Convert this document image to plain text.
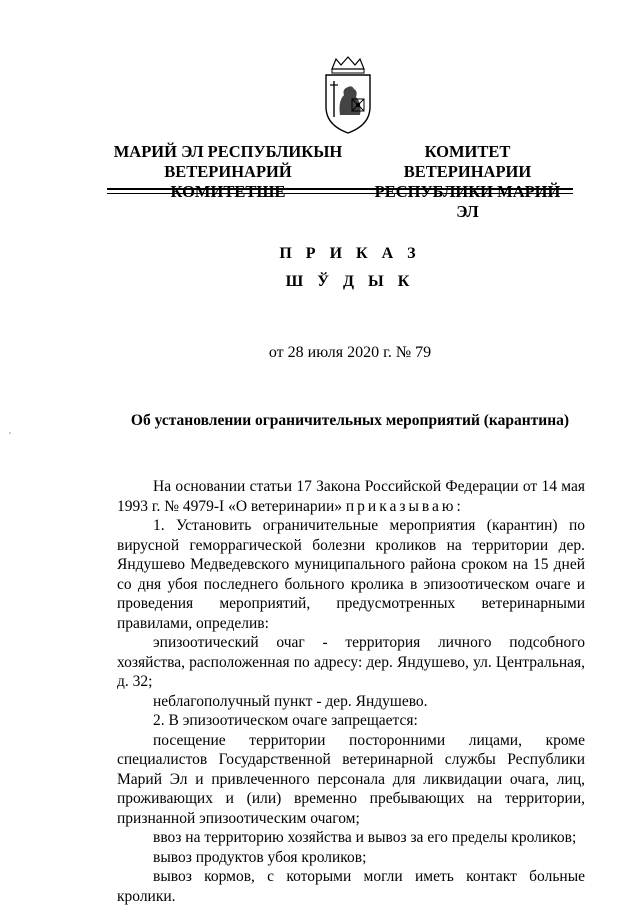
МАРИЙ ЭЛ РЕСПУБЛИКЫН
ВЕТЕРИНАРИЙ КОМИТЕТШЕ
КОМИТЕТ ВЕТЕРИНАРИИ
РЕСПУБЛИКИ МАРИЙ ЭЛ
П Р И К А З
Ш Ў Д Ы К
от 28 июля 2020 г. № 79
Об установлении ограничительных мероприятий (карантина)

На основании статьи 17 Закона Российской Федерации от 14 мая 1993 г. № 4979-I «О ветеринарии» приказываю:

1. Установить ограничительные мероприятия (карантин) по вирусной геморрагической болезни кроликов на территории дер. Яндушево Медведевского муниципального района сроком на 15 дней со дня убоя последнего больного кролика в эпизоотическом очаге и проведения мероприятий, предусмотренных ветеринарными правилами, определив:

эпизоотический очаг - территория личного подсобного хозяйства, расположенная по адресу: дер. Яндушево, ул. Центральная, д. 32;

неблагополучный пункт - дер. Яндушево.

2. В эпизоотическом очаге запрещается:

посещение территории посторонними лицами, кроме специалистов Государственной ветеринарной службы Республики Марий Эл и привлеченного персонала для ликвидации очага, лиц, проживающих и (или) временно пребывающих на территории, признанной эпизоотическим очагом;

ввоз на территорию хозяйства и вывоз за его пределы кроликов;

вывоз продуктов убоя кроликов;

вывоз кормов, с которыми могли иметь контакт больные кролики.
